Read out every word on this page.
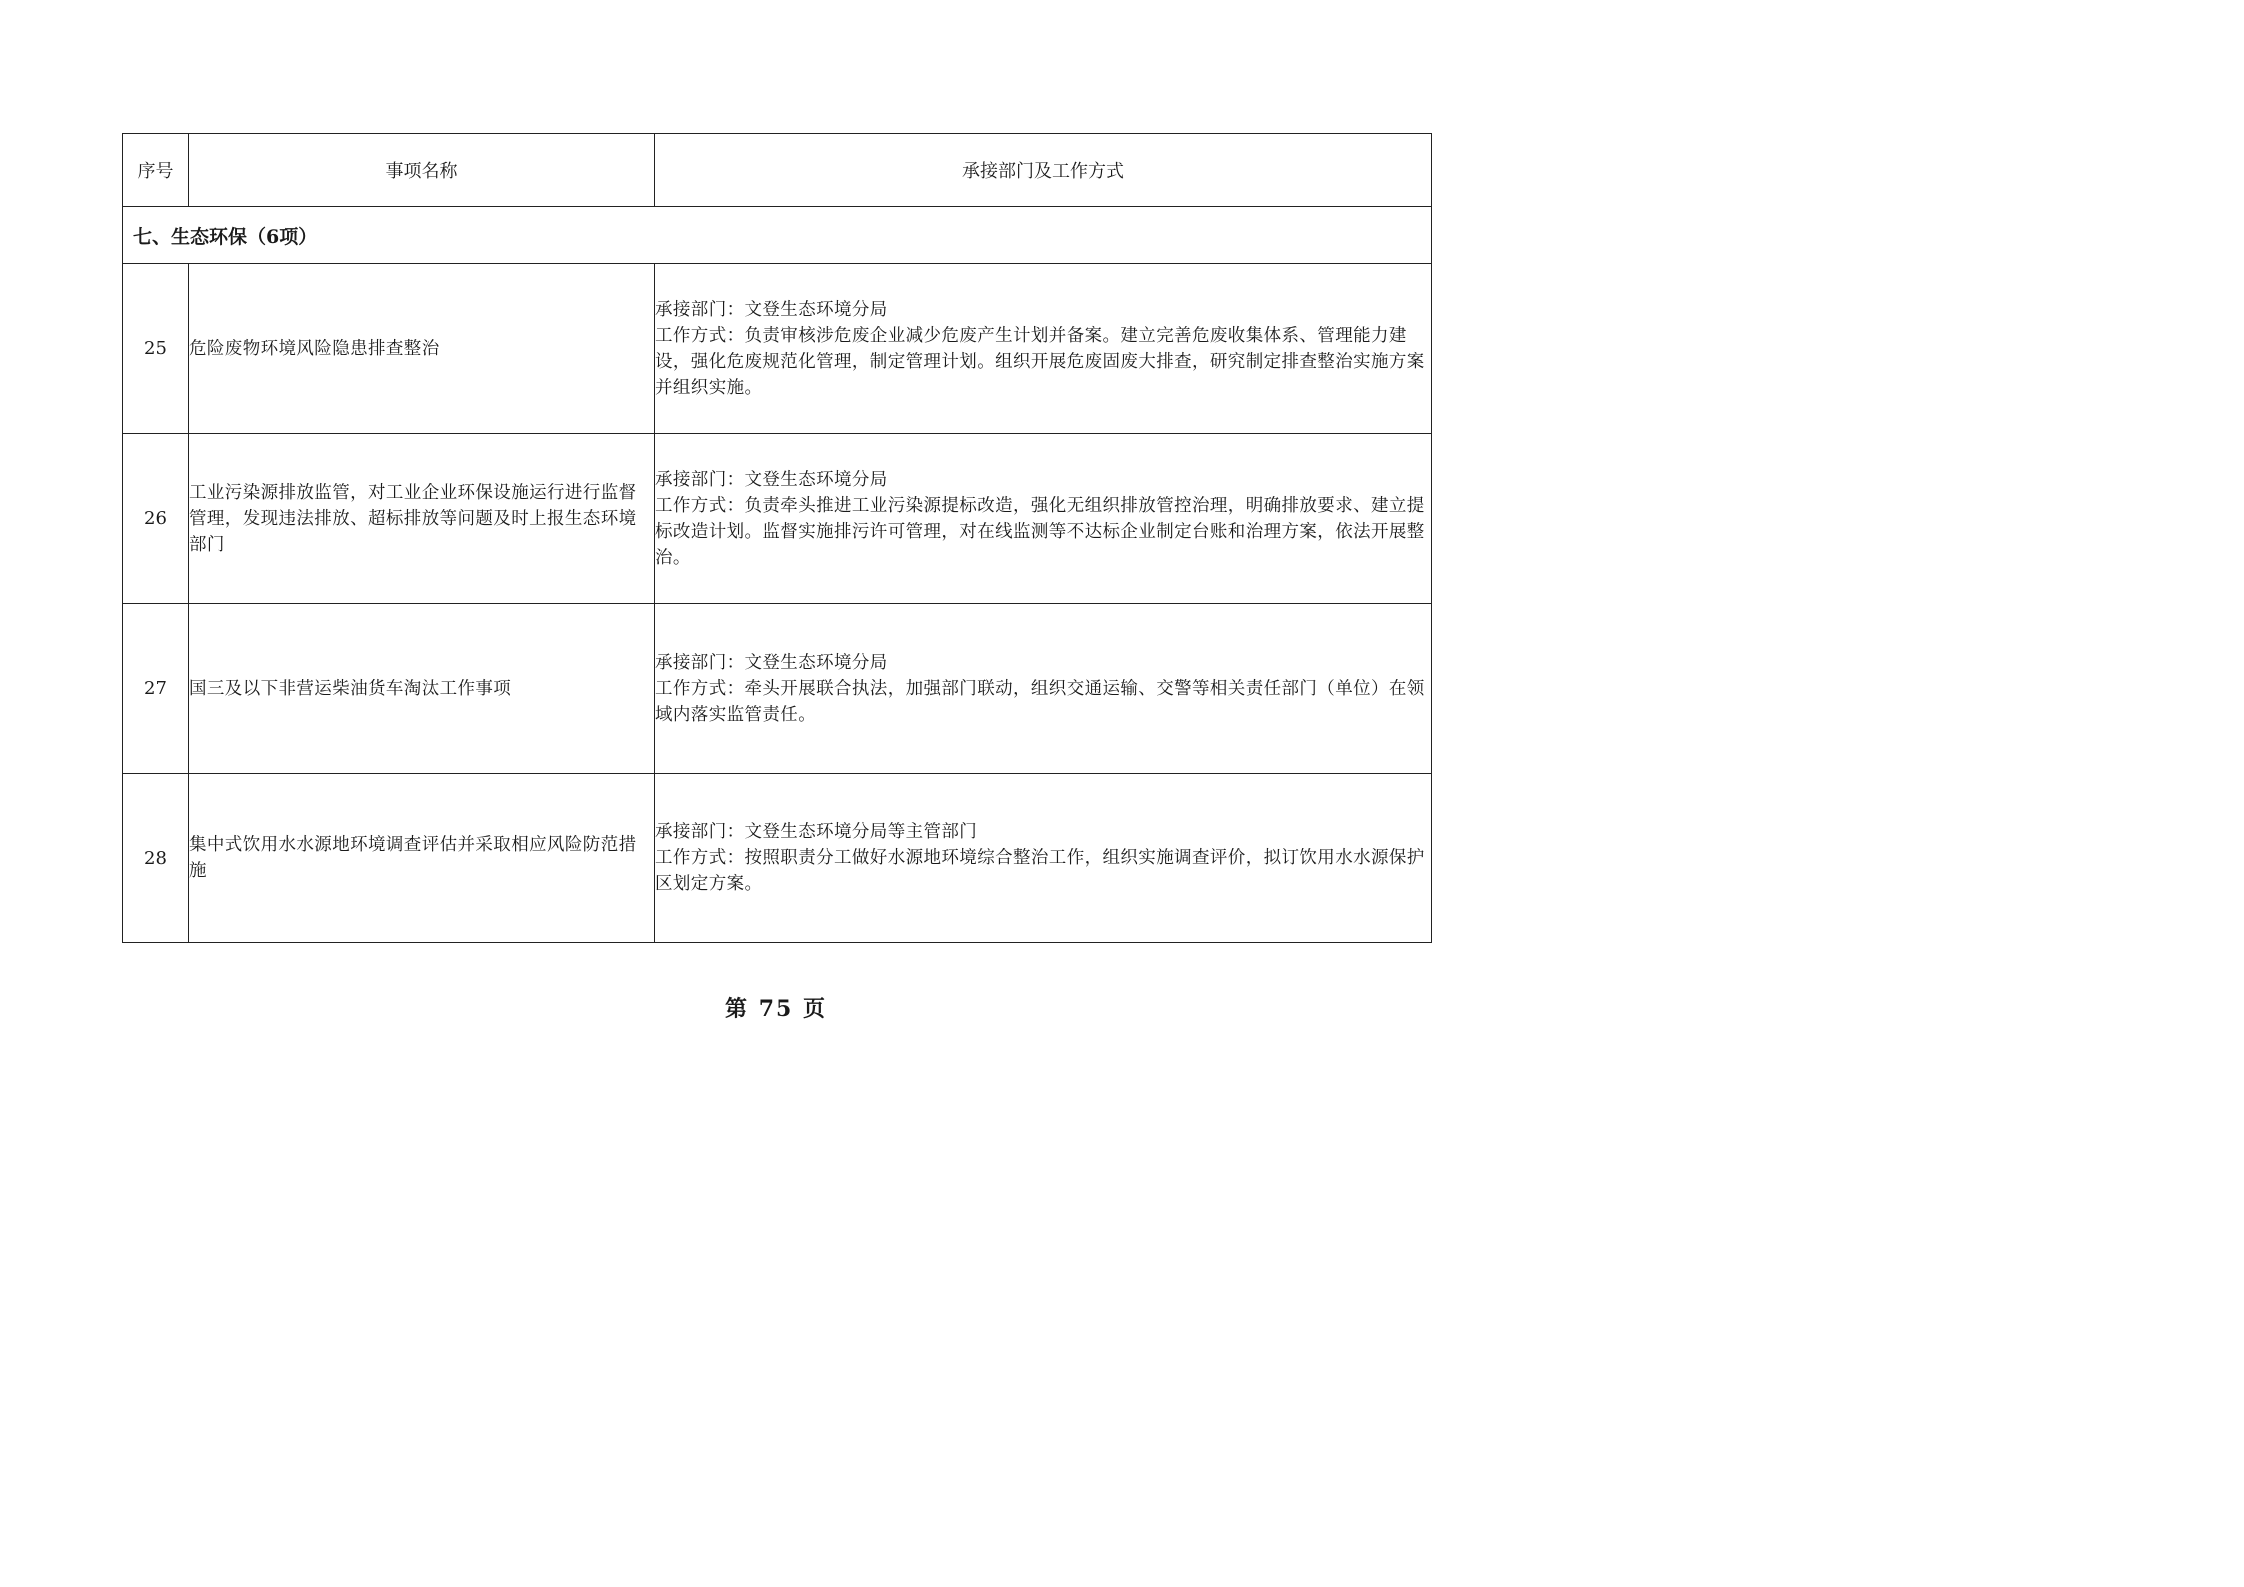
序号	事项名称	承接部门及工作方式
七、生态环保（6项）		
25	危险废物环境风险隐患排查整治	承接部门：文登生态环境分局
工作方式：负责审核涉危废企业减少危废产生计划并备案。建立完善危废收集体系、管理能力建设，强化危废规范化管理，制定管理计划。组织开展危废固废大排查，研究制定排查整治实施方案并组织实施。

26	工业污染源排放监管，对工业企业环保设施运行进行监督管理，发现违法排放、超标排放等问题及时上报生态环境部门	承接部门：文登生态环境分局
工作方式：负责牵头推进工业污染源提标改造，强化无组织排放管控治理，明确排放要求、建立提标改造计划。监督实施排污许可管理，对在线监测等不达标企业制定台账和治理方案，依法开展整治。

27	国三及以下非营运柴油货车淘汰工作事项	承接部门：文登生态环境分局
工作方式：牵头开展联合执法，加强部门联动，组织交通运输、交警等相关责任部门（单位）在领域内落实监管责任。

28	集中式饮用水水源地环境调查评估并采取相应风险防范措施	承接部门：文登生态环境分局等主管部门
工作方式：按照职责分工做好水源地环境综合整治工作，组织实施调查评价，拟订饮用水水源保护区划定方案。
第 75 页
